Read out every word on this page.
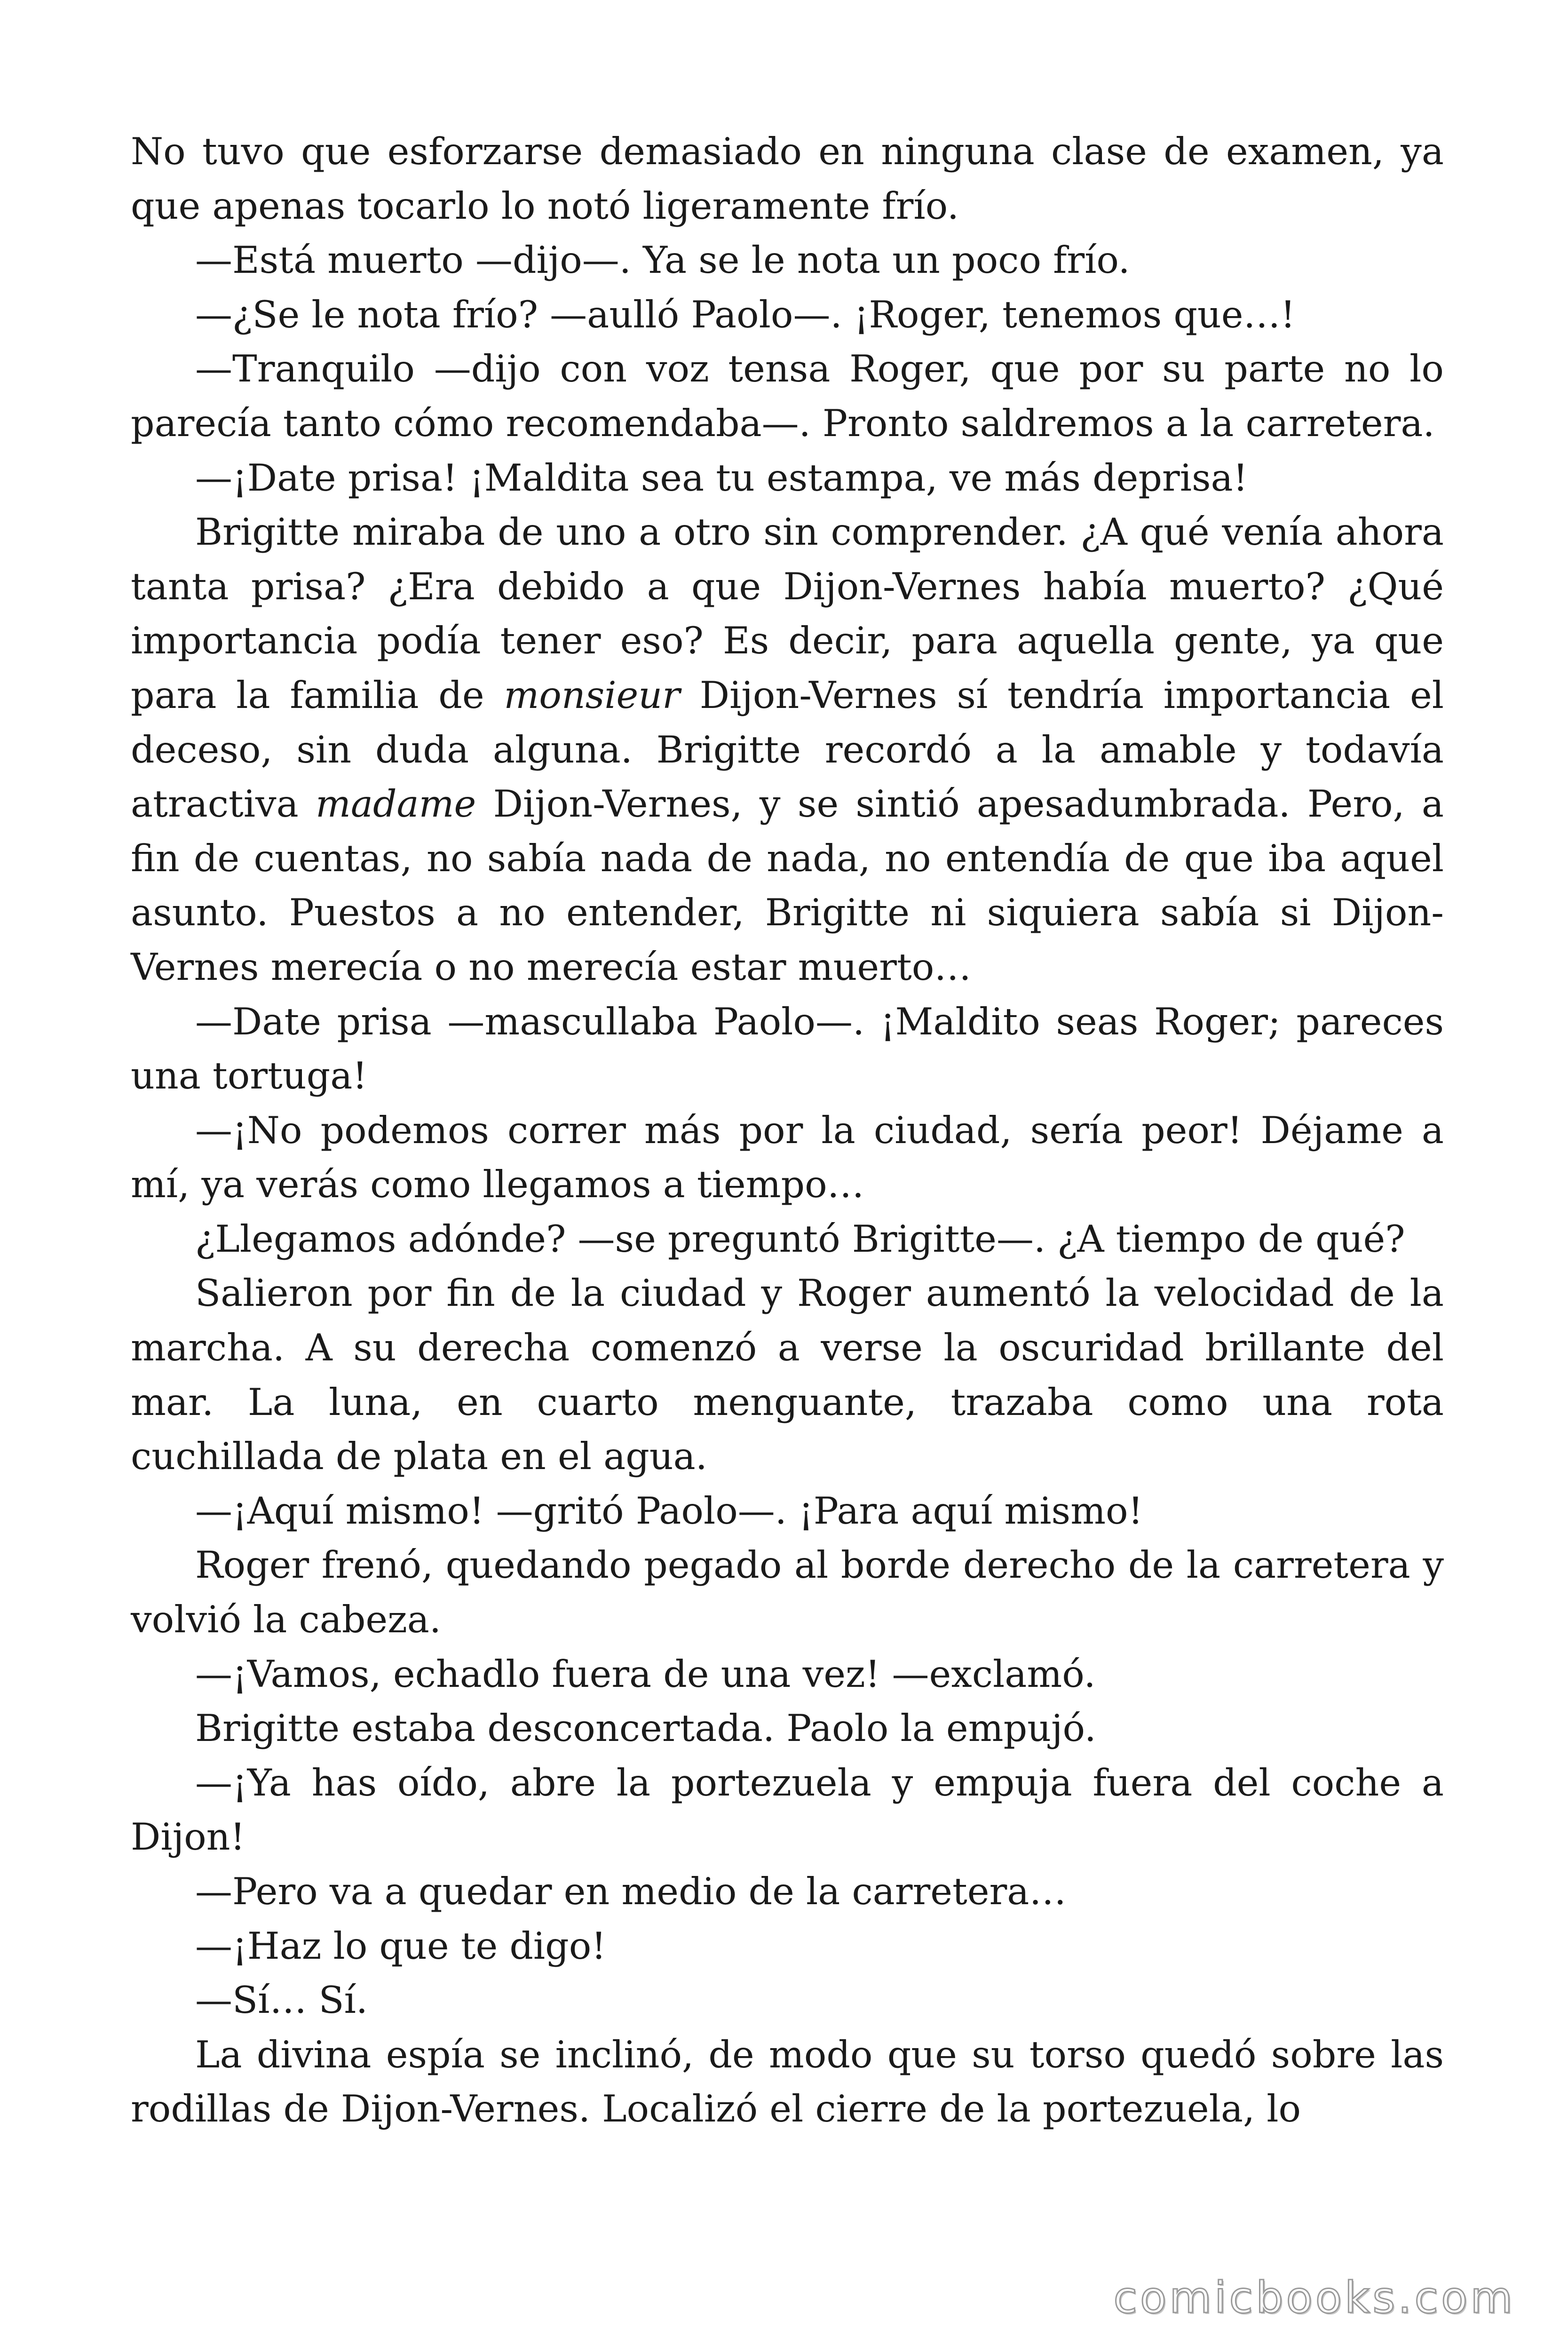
No tuvo que esforzarse demasiado en ninguna clase de examen, ya que apenas tocarlo lo notó ligeramente frío.

—Está muerto —dijo—. Ya se le nota un poco frío.

—¿Se le nota frío? —aulló Paolo—. ¡Roger, tenemos que…!

—Tranquilo —dijo con voz tensa Roger, que por su parte no lo parecía tanto cómo recomendaba—. Pronto saldremos a la carretera.

—¡Date prisa! ¡Maldita sea tu estampa, ve más deprisa!

Brigitte miraba de uno a otro sin comprender. ¿A qué venía ahora tanta prisa? ¿Era debido a que Dijon-Vernes había muerto? ¿Qué importancia podía tener eso? Es decir, para aquella gente, ya que para la familia de monsieur Dijon-Vernes sí tendría importancia el deceso, sin duda alguna. Brigitte recordó a la amable y todavía atractiva madame Dijon-Vernes, y se sintió apesadumbrada. Pero, a fin de cuentas, no sabía nada de nada, no entendía de que iba aquel asunto. Puestos a no entender, Brigitte ni siquiera sabía si Dijon-Vernes merecía o no merecía estar muerto…

—Date prisa —mascullaba Paolo—. ¡Maldito seas Roger; pareces una tortuga!

—¡No podemos correr más por la ciudad, sería peor! Déjame a mí, ya verás como llegamos a tiempo…

¿Llegamos adónde? —se preguntó Brigitte—. ¿A tiempo de qué?

Salieron por fin de la ciudad y Roger aumentó la velocidad de la marcha. A su derecha comenzó a verse la oscuridad brillante del mar. La luna, en cuarto menguante, trazaba como una rota cuchillada de plata en el agua.

—¡Aquí mismo! —gritó Paolo—. ¡Para aquí mismo!

Roger frenó, quedando pegado al borde derecho de la carretera y volvió la cabeza.

—¡Vamos, echadlo fuera de una vez! —exclamó.

Brigitte estaba desconcertada. Paolo la empujó.

—¡Ya has oído, abre la portezuela y empuja fuera del coche a Dijon!

—Pero va a quedar en medio de la carretera…

—¡Haz lo que te digo!

—Sí… Sí.

La divina espía se inclinó, de modo que su torso quedó sobre las rodillas de Dijon-Vernes. Localizó el cierre de la portezuela, lo

comicbooks.com
